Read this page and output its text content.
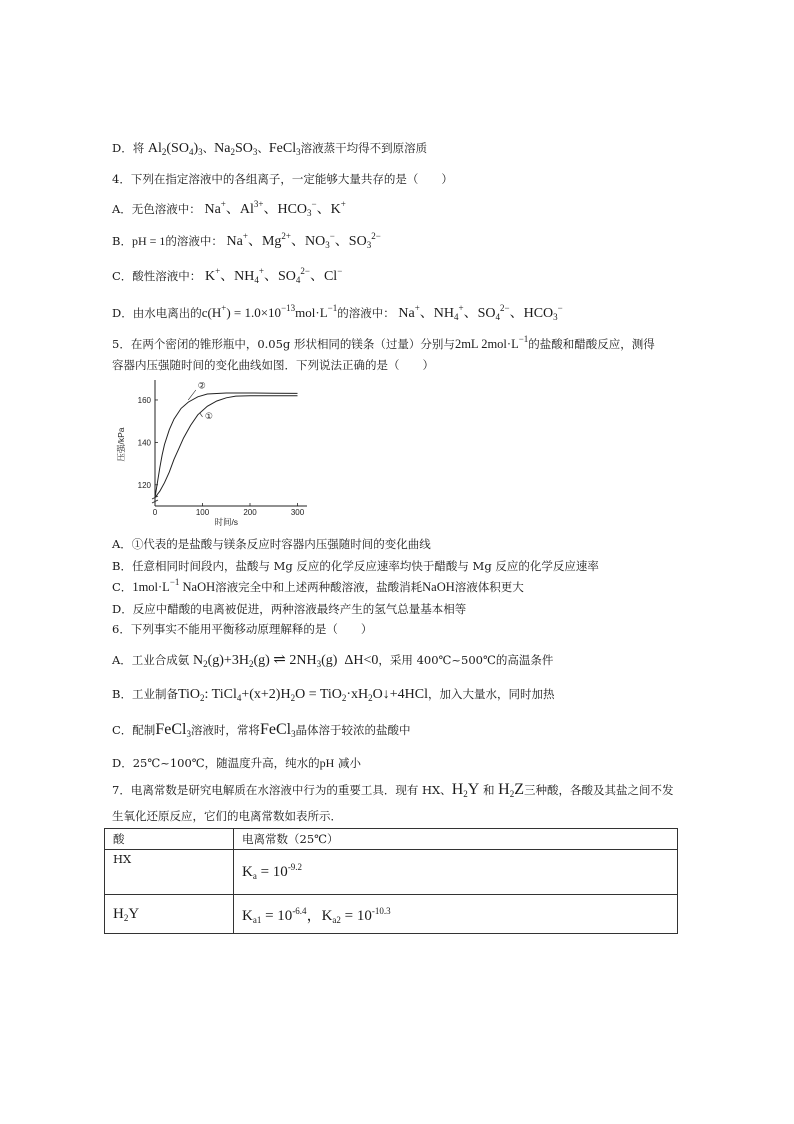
D．将 $Al_2(SO_4)_3$、$Na_2SO_3$、FeCl$_3$溶液蒸干均得不到原溶质
4．下列在指定溶液中的各组离子，一定能够大量共存的是（　　）
A．无色溶液中： Na+、$Al^{3+}$、$HCO_3^-$、K+
B．pH = 1的溶液中： Na+、$Mg^{2+}$、$NO_3^-$、$SO_3^{2-}$
C．酸性溶液中： K+、$NH_4^+$、$SO_4^{2-}$、Cl−
D．由水电离出的$c(H^+) = 1.0\times 10^{-13}mol\cdot L^{-1}$的溶液中： Na+、$NH_4^+$、$SO_4^{2-}$、$HCO_3^-$
5．在两个密闭的锥形瓶中，0.05g 形状相同的镁条（过量）分别与2mL $2mol\cdot L^{-1}$的盐酸和醋酸反应，测得
容器内压强随时间的变化曲线如图．下列说法正确的是（　　）
0	100	200	300
120
140
160
①
②
时间/s
压强/kPa
A．①代表的是盐酸与镁条反应时容器内压强随时间的变化曲线
B．任意相同时间段内，盐酸与 Mg 反应的化学反应速率均快于醋酸与 Mg 反应的化学反应速率
C．$1mol\cdot L^{-1}$ NaOH溶液完全中和上述两种酸溶液，盐酸消耗NaOH溶液体积更大
D．反应中醋酸的电离被促进，两种溶液最终产生的氢气总量基本相等
6．下列事实不能用平衡移动原理解释的是（　　）
A．工业合成氨 $N_2(g)+3H_2(g)$ ⇌ $2NH_3(g)$  ΔH<0，采用 400℃~500℃的高温条件
B．工业制备TiO$_2$: $TiCl_4+(x+2)H_2O$ = $TiO_2\cdot xH_2O↓+4HCl$，加入大量水，同时加热
C．配制FeCl$_3$溶液时，常将FeCl$_3$晶体溶于较浓的盐酸中
D．25℃~100℃，随温度升高，纯水的pH 减小
7．电离常数是研究电解质在水溶液中行为的重要工具．现有 HX、$H_2Y$ 和 $H_2Z$三种酸，各酸及其盐之间不发
生氧化还原反应，它们的电离常数如表所示．
酸	电离常数（25℃）
HX	$K_a = 10^{-9.2}$
$H_2Y$	$K_{a1} = 10^{-6.4}$，$K_{a2} = 10^{-10.3}$
